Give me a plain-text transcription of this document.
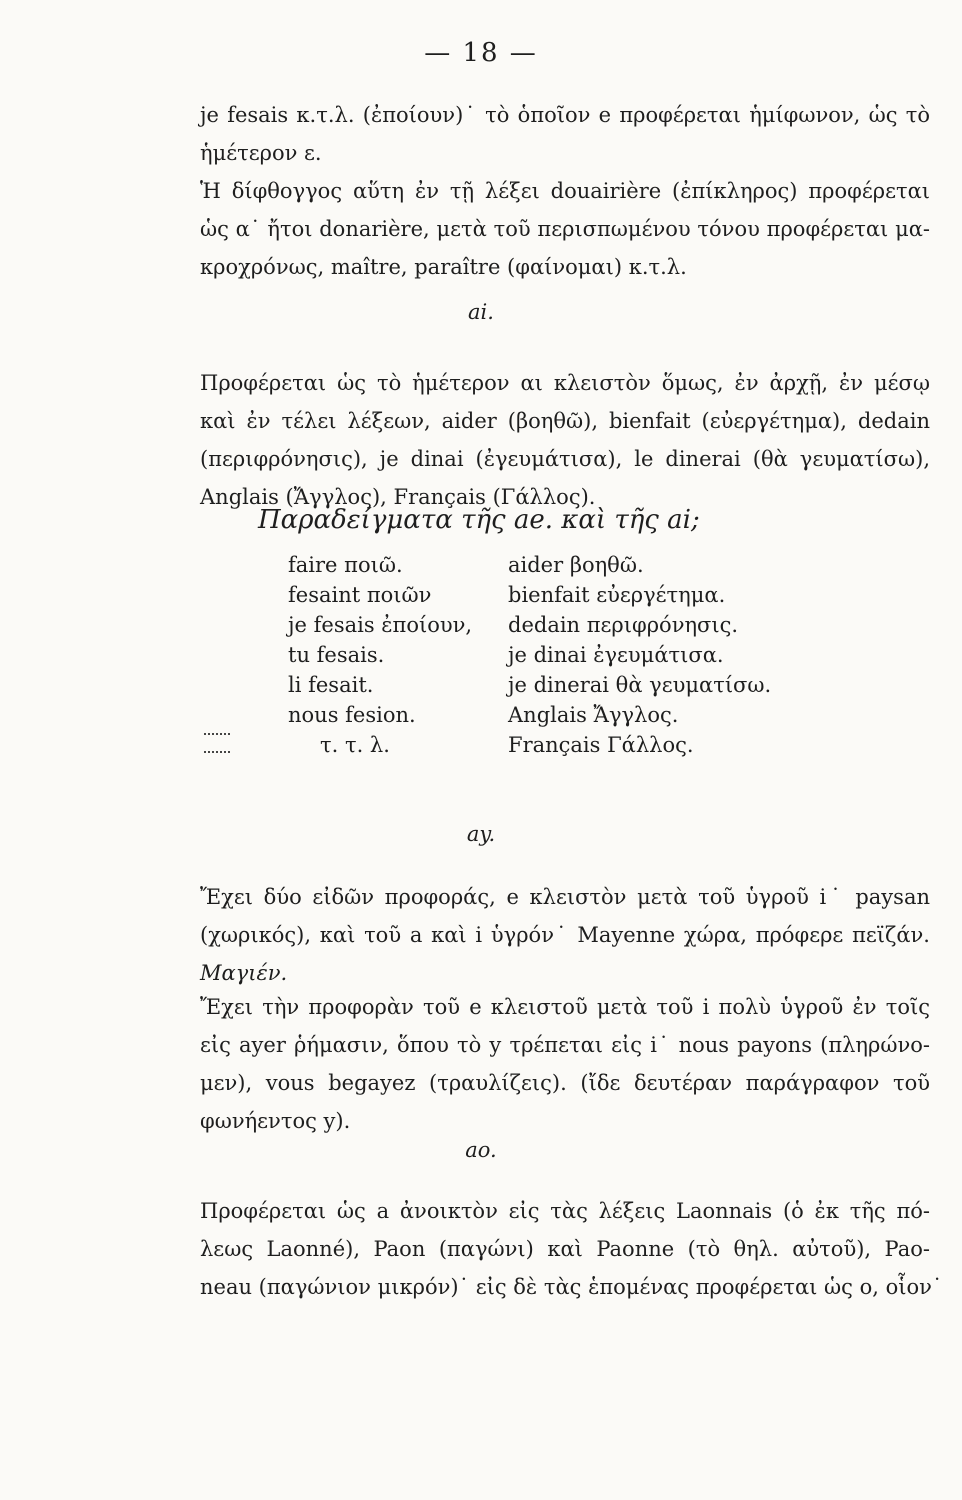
— 18 —
je fesais κ.τ.λ. (ἐποίουν)˙ τὸ ὁποῖον e προφέρεται ἡμίφωνον, ὡς τὸ
ἡμέτερον ε.
Ἡ δίφθογγος αὕτη ἐν τῇ λέξει douairière (ἐπίκληρος) προφέρεται
ὡς α˙ ἤτοι donarière, μετὰ τοῦ περισπωμένου τόνου προφέρεται μα-
κροχρόνως, maître, paraître (φαίνομαι) κ.τ.λ.
ai.
Προφέρεται ὡς τὸ ἡμέτερον αι κλειστὸν ὅμως, ἐν ἀρχῇ, ἐν μέσῳ
καὶ ἐν τέλει λέξεων, aider (βοηθῶ), bienfait (εὐεργέτημα), dedain
(περιφρόνησις), je dinai (ἐγευμάτισα), le dinerai (θὰ γευματίσω),
Anglais (Ἄγγλος), Français (Γάλλος).
Παραδείγματα τῆς ae. καὶ τῆς ai;
faire ποιῶ.
fesaint ποιῶν
je fesais ἐποίουν,
tu fesais.
li fesait.
nous fesion.
τ. τ. λ.
aider βοηθῶ.
bienfait εὐεργέτημα.
dedain περιφρόνησις.
je dinai ἐγευμάτισα.
je dinerai θὰ γευματίσω.
Anglais Ἄγγλος.
Français Γάλλος.
ay.
Ἔχει δύο εἰδῶν προφοράς, e κλειστὸν μετὰ τοῦ ὑγροῦ i˙ paysan
(χωρικός), καὶ τοῦ a καὶ i ὑγρόν˙ Mayenne χώρα, πρόφερε πεϊζάν.
Μαγιέν.
Ἔχει τὴν προφορὰν τοῦ e κλειστοῦ μετὰ τοῦ i πολὺ ὑγροῦ ἐν τοῖς
εἰς ayer ῥήμασιν, ὅπου τὸ y τρέπεται εἰς i˙ nous payons (πληρώνο-
μεν), vous begayez (τραυλίζεις). (ἴδε δευτέραν παράγραφον τοῦ
φωνήεντος y).
ao.
Προφέρεται ὡς a ἀνοικτὸν εἰς τὰς λέξεις Laonnais (ὁ ἐκ τῆς πό-
λεως Laonné), Paon (παγώνι) καὶ Paonne (τὸ θηλ. αὐτοῦ), Pao-
neau (παγώνιον μικρόν)˙ εἰς δὲ τὰς ἑπομένας προφέρεται ὡς o, οἷον˙
